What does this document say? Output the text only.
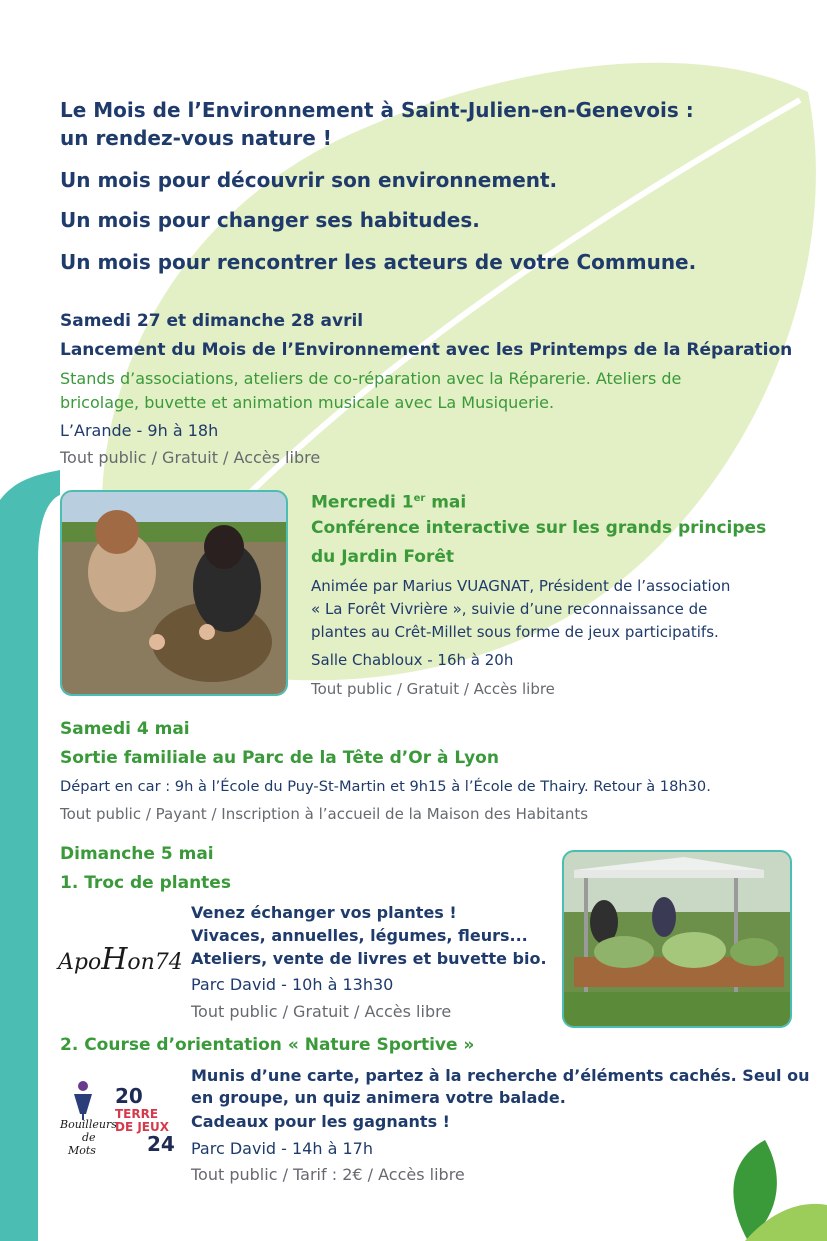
Le Mois de l’Environnement à Saint-Julien-en-Genevois :
un rendez-vous nature !
Un mois pour découvrir son environnement.
Un mois pour changer ses habitudes.
Un mois pour rencontrer les acteurs de votre Commune.
Samedi 27 et dimanche 28 avril
Lancement du Mois de l’Environnement avec les Printemps de la Réparation
Stands d’associations, ateliers de co-réparation avec la Réparerie. Ateliers de
bricolage, buvette et animation musicale avec La Musiquerie.
L’Arande - 9h à 18h
Tout public / Gratuit / Accès libre
Mercredi 1er mai
Conférence interactive sur les grands principes
du Jardin Forêt
Animée par Marius VUAGNAT, Président de l’association
« La Forêt Vivrière », suivie d’une reconnaissance de
plantes au Crêt-Millet sous forme de jeux participatifs.
Salle Chabloux - 16h à 20h
Tout public / Gratuit / Accès libre
Samedi 4 mai
Sortie familiale au Parc de la Tête d’Or à Lyon
Départ en car : 9h à l’École du Puy-St-Martin et 9h15 à l’École de Thairy. Retour à 18h30.
Tout public / Payant / Inscription à l’accueil de la Maison des Habitants
Dimanche 5 mai
1. Troc de plantes
ApoHon74
Venez échanger vos plantes !
Vivaces, annuelles, légumes, fleurs...
Ateliers, vente de livres et buvette bio.
Parc David - 10h à 13h30
Tout public / Gratuit / Accès libre
2. Course d’orientation « Nature Sportive »
Bouilleurs
de
Mots
20
TERRE
DE JEUX
24
Munis d’une carte, partez à la recherche d’éléments cachés. Seul ou
en groupe, un quiz animera votre balade.
Cadeaux pour les gagnants !
Parc David - 14h à 17h
Tout public / Tarif : 2€ / Accès libre
